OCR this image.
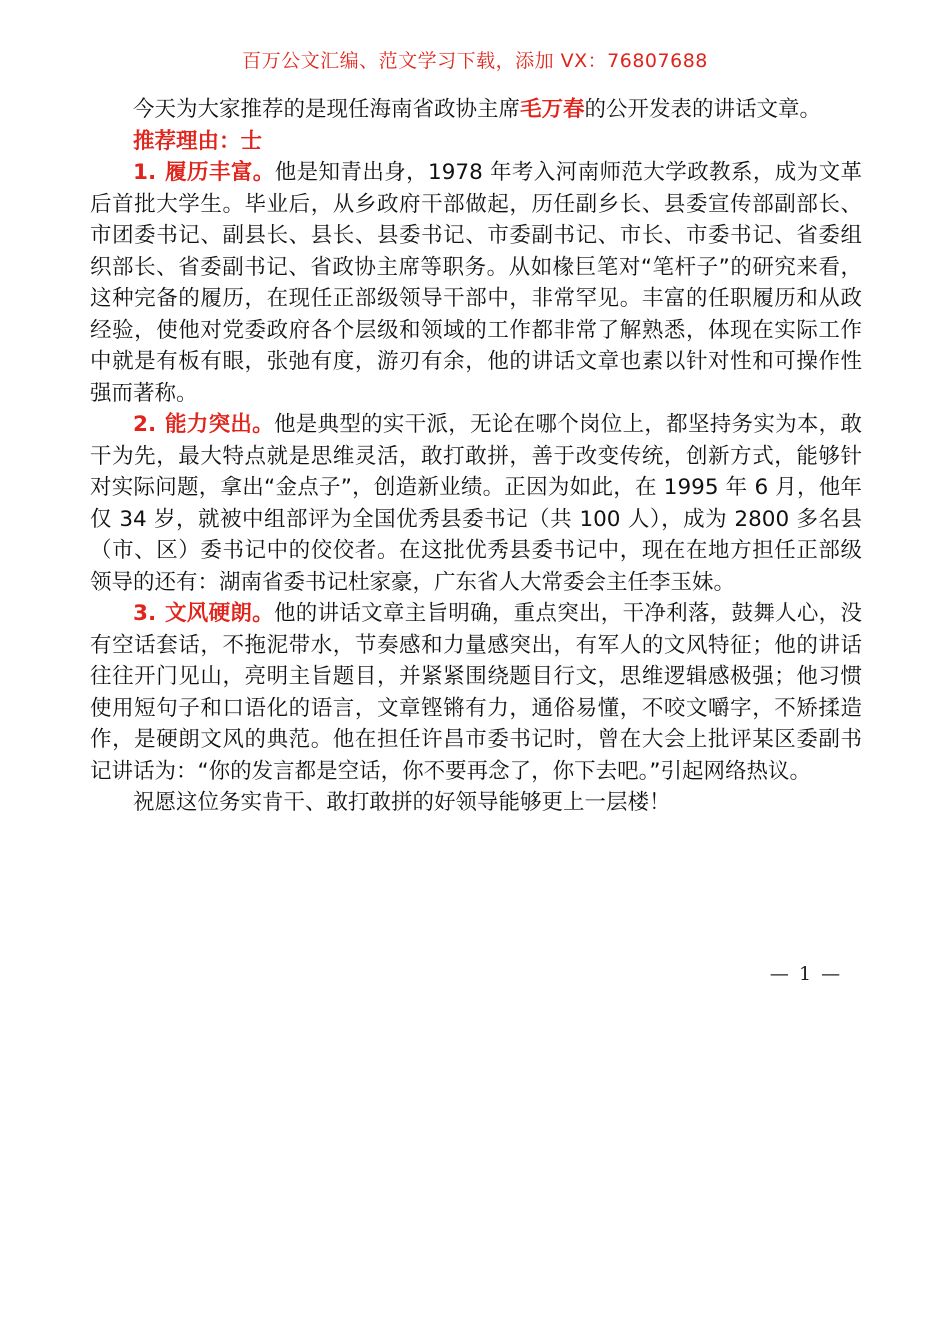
百万公文汇编、范文学习下载，添加 VX：76807688

今天为大家推荐的是现任海南省政协主席毛万春的公开发表的讲话文章。

推荐理由：士

1. 履历丰富。他是知青出身，1978 年考入河南师范大学政教系，成为文革后首批大学生。毕业后，从乡政府干部做起，历任副乡长、县委宣传部副部长、市团委书记、副县长、县长、县委书记、市委副书记、市长、市委书记、省委组织部长、省委副书记、省政协主席等职务。从如椽巨笔对“笔杆子”的研究来看，这种完备的履历，在现任正部级领导干部中，非常罕见。丰富的任职履历和从政经验，使他对党委政府各个层级和领域的工作都非常了解熟悉，体现在实际工作中就是有板有眼，张弛有度，游刃有余，他的讲话文章也素以针对性和可操作性强而著称。

2. 能力突出。他是典型的实干派，无论在哪个岗位上，都坚持务实为本，敢干为先，最大特点就是思维灵活，敢打敢拼，善于改变传统，创新方式，能够针对实际问题，拿出“金点子”，创造新业绩。正因为如此，在 1995 年 6 月，他年仅 34 岁，就被中组部评为全国优秀县委书记（共 100 人），成为 2800 多名县（市、区）委书记中的佼佼者。在这批优秀县委书记中，现在在地方担任正部级领导的还有：湖南省委书记杜家豪，广东省人大常委会主任李玉妹。

3. 文风硬朗。他的讲话文章主旨明确，重点突出，干净利落，鼓舞人心，没有空话套话，不拖泥带水，节奏感和力量感突出，有军人的文风特征；他的讲话往往开门见山，亮明主旨题目，并紧紧围绕题目行文，思维逻辑感极强；他习惯使用短句子和口语化的语言，文章铿锵有力，通俗易懂，不咬文嚼字，不矫揉造作，是硬朗文风的典范。他在担任许昌市委书记时，曾在大会上批评某区委副书记讲话为：“你的发言都是空话，你不要再念了，你下去吧。”引起网络热议。

祝愿这位务实肯干、敢打敢拼的好领导能够更上一层楼！

— 1 —
